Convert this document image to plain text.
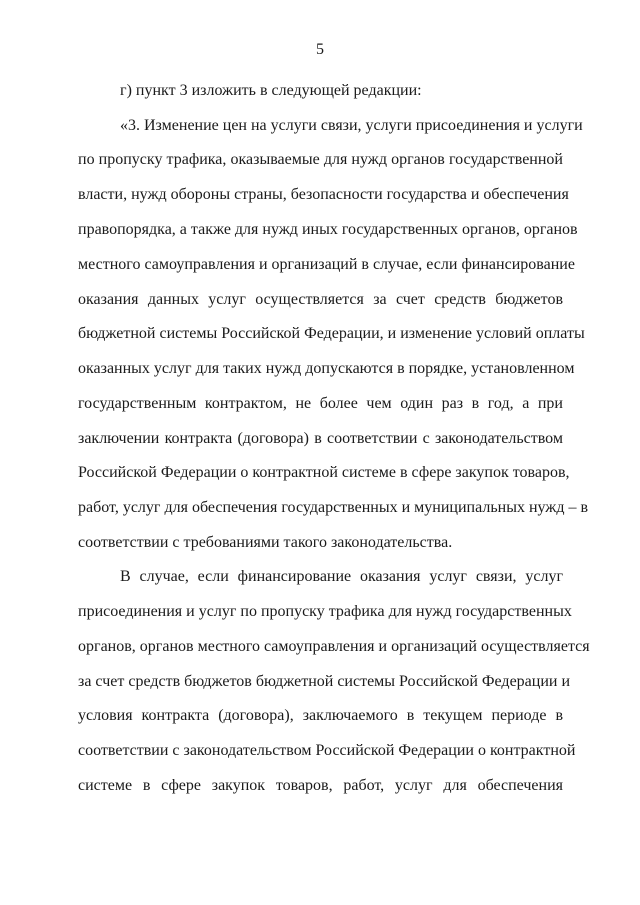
5
г) пункт 3 изложить в следующей редакции:
«3. Изменение цен на услуги связи, услуги присоединения и услуги
по пропуску трафика, оказываемые для нужд органов государственной
власти, нужд обороны страны, безопасности государства и обеспечения
правопорядка, а также для нужд иных государственных органов, органов
местного самоуправления и организаций в случае, если финансирование
оказания данных услуг осуществляется за счет средств бюджетов
бюджетной системы Российской Федерации, и изменение условий оплаты
оказанных услуг для таких нужд допускаются в порядке, установленном
государственным контрактом, не более чем один раз в год, а при
заключении контракта (договора) в соответствии с законодательством
Российской Федерации о контрактной системе в сфере закупок товаров,
работ, услуг для обеспечения государственных и муниципальных нужд – в
соответствии с требованиями такого законодательства.
В случае, если финансирование оказания услуг связи, услуг
присоединения и услуг по пропуску трафика для нужд государственных
органов, органов местного самоуправления и организаций осуществляется
за счет средств бюджетов бюджетной системы Российской Федерации и
условия контракта (договора), заключаемого в текущем периоде в
соответствии с законодательством Российской Федерации о контрактной
системе в сфере закупок товаров, работ, услуг для обеспечения
